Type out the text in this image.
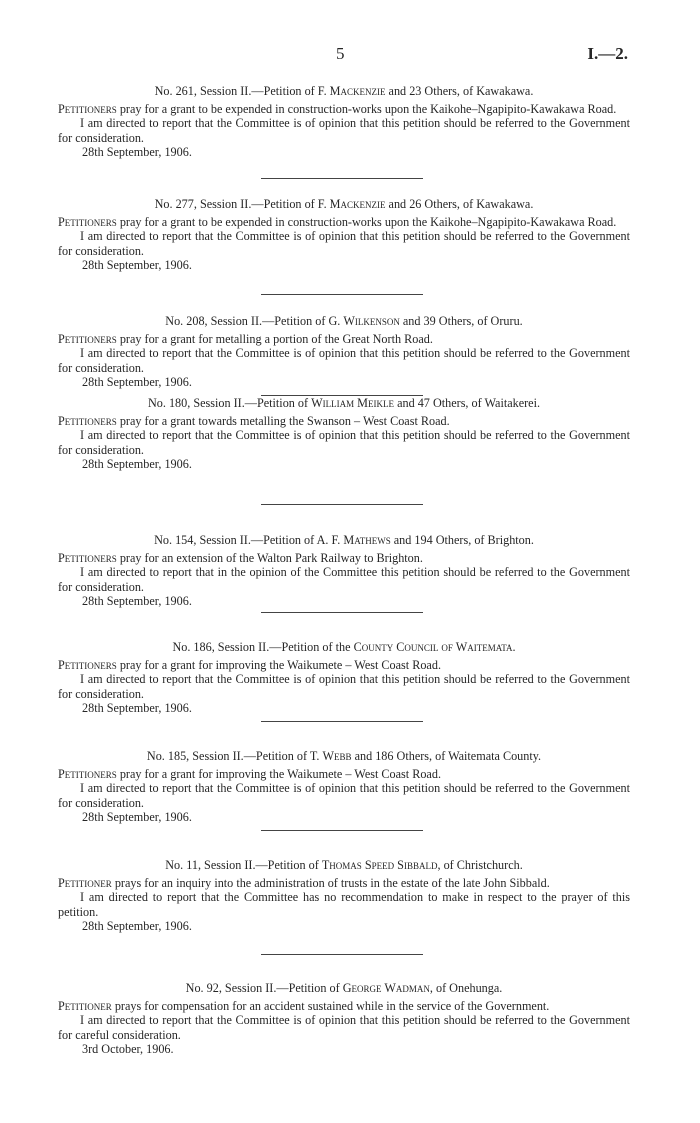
5	I.—2.
No. 261, Session II.—Petition of F. Mackenzie and 23 Others, of Kawakawa.

Petitioners pray for a grant to be expended in construction-works upon the Kaikohe–Ngapipito-Kawakawa Road.

I am directed to report that the Committee is of opinion that this petition should be referred to the Government for consideration.

28th September, 1906.

No. 277, Session II.—Petition of F. Mackenzie and 26 Others, of Kawakawa.

Petitioners pray for a grant to be expended in construction-works upon the Kaikohe–Ngapipito-Kawakawa Road.

I am directed to report that the Committee is of opinion that this petition should be referred to the Government for consideration.

28th September, 1906.

No. 208, Session II.—Petition of G. Wilkenson and 39 Others, of Oruru.

Petitioners pray for a grant for metalling a portion of the Great North Road.

I am directed to report that the Committee is of opinion that this petition should be referred to the Government for consideration.

28th September, 1906.

No. 180, Session II.—Petition of William Meikle and 47 Others, of Waitakerei.

Petitioners pray for a grant towards metalling the Swanson – West Coast Road.

I am directed to report that the Committee is of opinion that this petition should be referred to the Government for consideration.

28th September, 1906.

No. 154, Session II.—Petition of A. F. Mathews and 194 Others, of Brighton.

Petitioners pray for an extension of the Walton Park Railway to Brighton.

I am directed to report that in the opinion of the Committee this petition should be referred to the Government for consideration.

28th September, 1906.

No. 186, Session II.—Petition of the County Council of Waitemata.

Petitioners pray for a grant for improving the Waikumete – West Coast Road.

I am directed to report that the Committee is of opinion that this petition should be referred to the Government for consideration.

28th September, 1906.

No. 185, Session II.—Petition of T. Webb and 186 Others, of Waitemata County.

Petitioners pray for a grant for improving the Waikumete – West Coast Road.

I am directed to report that the Committee is of opinion that this petition should be referred to the Government for consideration.

28th September, 1906.

No. 11, Session II.—Petition of Thomas Speed Sibbald, of Christchurch.

Petitioner prays for an inquiry into the administration of trusts in the estate of the late John Sibbald.

I am directed to report that the Committee has no recommendation to make in respect to the prayer of this petition.

28th September, 1906.

No. 92, Session II.—Petition of George Wadman, of Onehunga.

Petitioner prays for compensation for an accident sustained while in the service of the Government.

I am directed to report that the Committee is of opinion that this petition should be referred to the Government for careful consideration.

3rd October, 1906.
